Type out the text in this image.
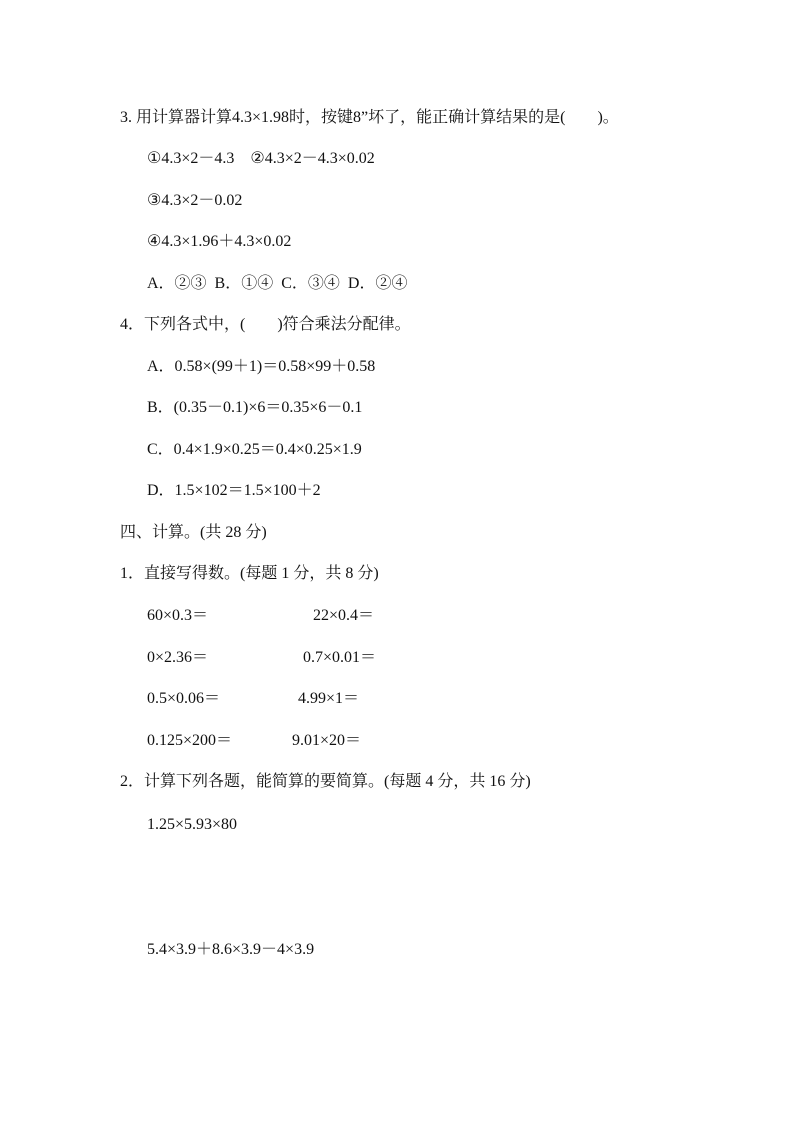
3. 用计算器计算4.3×1.98时，按键8”坏了，能正确计算结果的是(　　)。

①4.3×2－4.3　②4.3×2－4.3×0.02

③4.3×2－0.02

④4.3×1.96＋4.3×0.02

A．②③  B．①④  C．③④  D．②④

4．下列各式中，(　　)符合乘法分配律。

A．0.58×(99＋1)＝0.58×99＋0.58

B．(0.35－0.1)×6＝0.35×6－0.1

C．0.4×1.9×0.25＝0.4×0.25×1.9

D．1.5×102＝1.5×100＋2

四、计算。(共 28 分)

1．直接写得数。(每题 1 分，共 8 分)

60×0.3＝	22×0.4＝
0×2.36＝	0.7×0.01＝
0.5×0.06＝	4.99×1＝
0.125×200＝	9.01×20＝

2．计算下列各题，能简算的要简算。(每题 4 分，共 16 分)

1.25×5.93×80

5.4×3.9＋8.6×3.9－4×3.9
